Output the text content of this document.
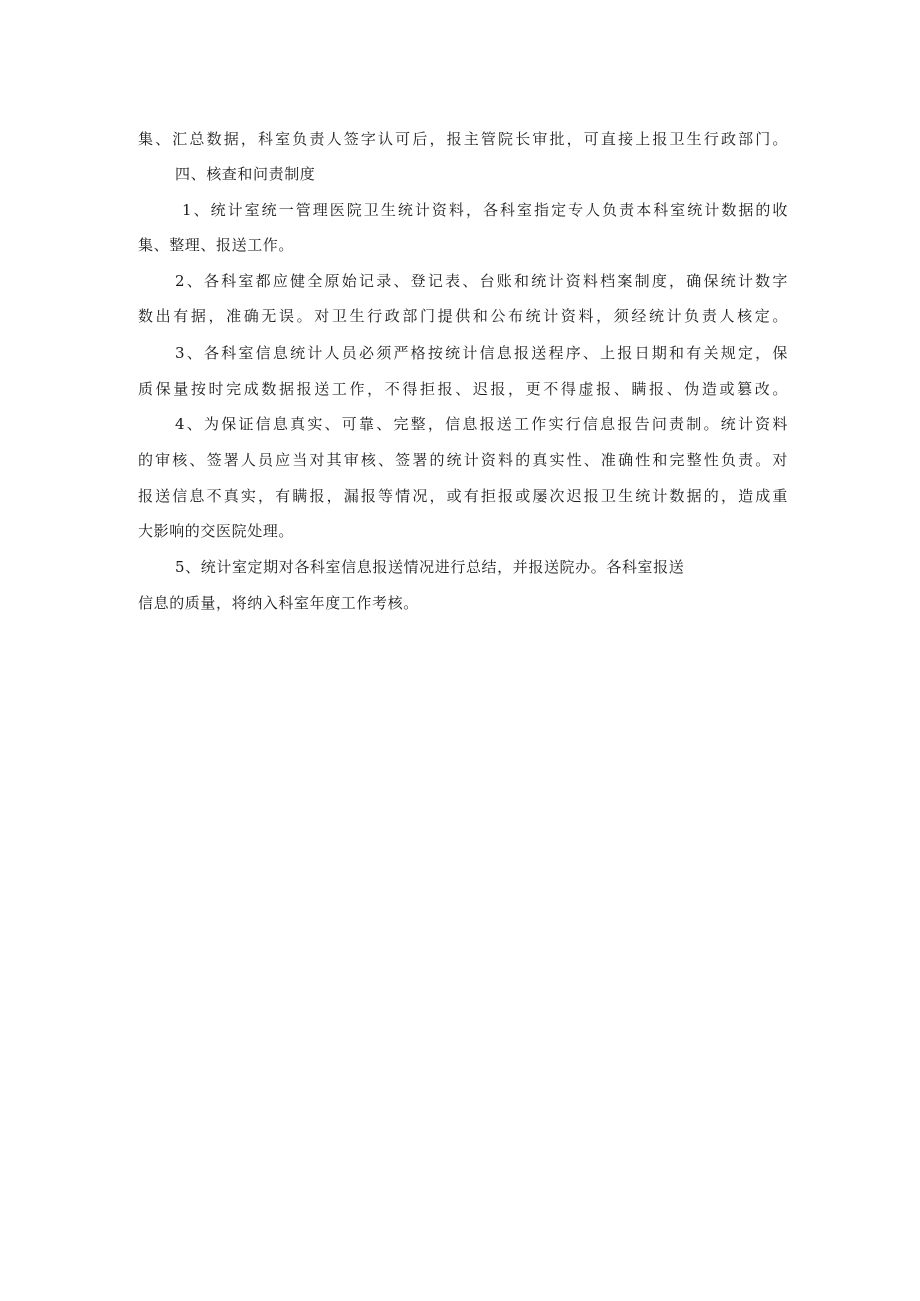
集、汇总数据，科室负责人签字认可后，报主管院长审批，可直接上报卫生行政部门。

四、核查和问责制度

1、统计室统一管理医院卫生统计资料，各科室指定专人负责本科室统计数据的收

集、整理、报送工作。

2、各科室都应健全原始记录、登记表、台账和统计资料档案制度，确保统计数字

数出有据，准确无误。对卫生行政部门提供和公布统计资料，须经统计负责人核定。

3、各科室信息统计人员必须严格按统计信息报送程序、上报日期和有关规定，保

质保量按时完成数据报送工作，不得拒报、迟报，更不得虚报、瞒报、伪造或篡改。

4、为保证信息真实、可靠、完整，信息报送工作实行信息报告问责制。统计资料

的审核、签署人员应当对其审核、签署的统计资料的真实性、准确性和完整性负责。对

报送信息不真实，有瞒报，漏报等情况，或有拒报或屡次迟报卫生统计数据的，造成重

大影响的交医院处理。

5、统计室定期对各科室信息报送情况进行总结，并报送院办。各科室报送

信息的质量，将纳入科室年度工作考核。
